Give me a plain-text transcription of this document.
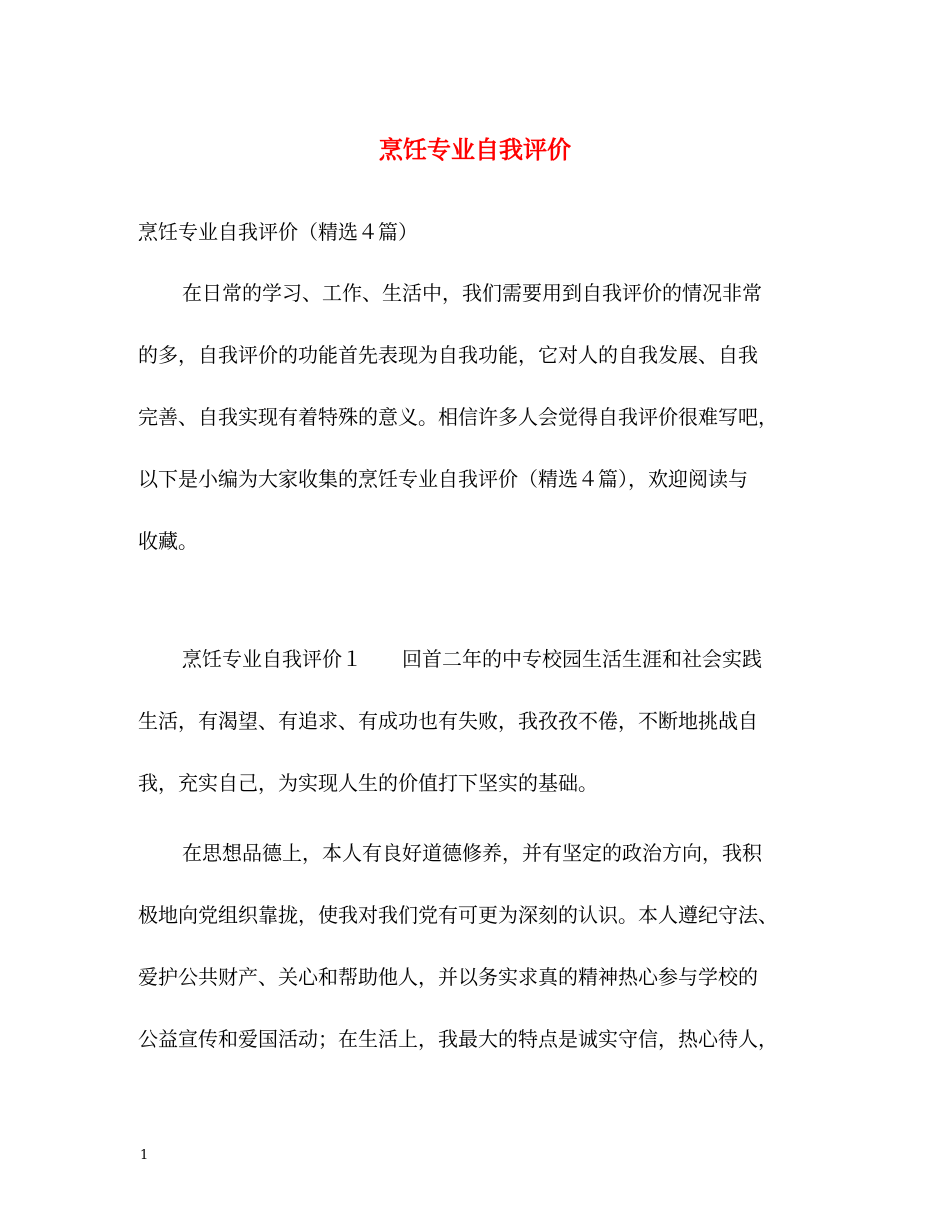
烹饪专业自我评价
烹饪专业自我评价（精选４篇）
在日常的学习、工作、生活中，我们需要用到自我评价的情况非常
的多，自我评价的功能首先表现为自我功能，它对人的自我发展、自我
完善、自我实现有着特殊的意义。相信许多人会觉得自我评价很难写吧，
以下是小编为大家收集的烹饪专业自我评价（精选４篇），欢迎阅读与
收藏。
烹饪专业自我评价１　　回首二年的中专校园生活生涯和社会实践
生活，有渴望、有追求、有成功也有失败，我孜孜不倦，不断地挑战自
我，充实自己，为实现人生的价值打下坚实的基础。
在思想品德上，本人有良好道德修养，并有坚定的政治方向，我积
极地向党组织靠拢，使我对我们党有可更为深刻的认识。本人遵纪守法、
爱护公共财产、关心和帮助他人，并以务实求真的精神热心参与学校的
公益宣传和爱国活动；在生活上，我最大的特点是诚实守信，热心待人，
1
